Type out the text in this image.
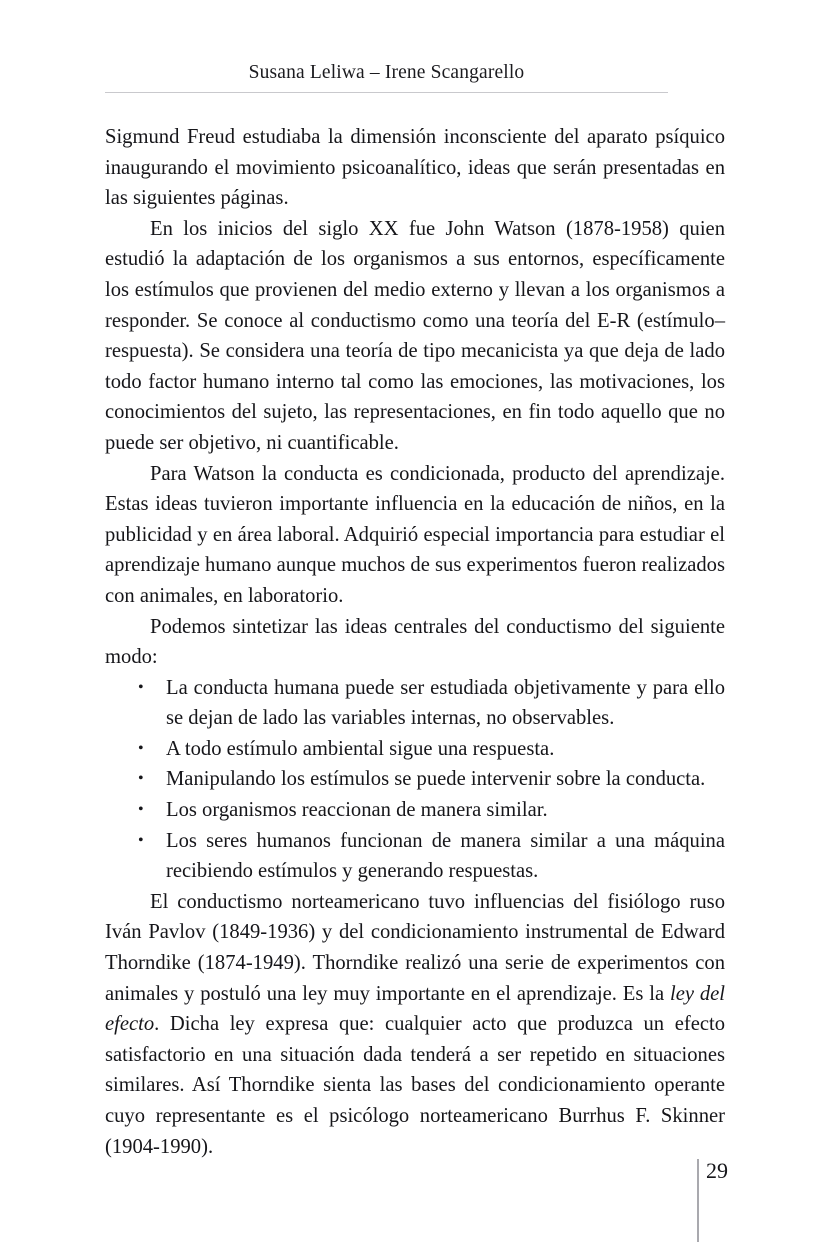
Susana Leliwa – Irene Scangarello

Sigmund Freud estudiaba la dimensión inconsciente del aparato psíquico inaugurando el movimiento psicoanalítico, ideas que serán presentadas en las siguientes páginas.

En los inicios del siglo XX fue John Watson (1878-1958) quien estudió la adaptación de los organismos a sus entornos, específicamente los estímulos que provienen del medio externo y llevan a los organismos a responder. Se conoce al conductismo como una teoría del E-R (estímulo–respuesta). Se considera una teoría de tipo mecanicista ya que deja de lado todo factor humano interno tal como las emociones, las motivaciones, los conocimientos del sujeto, las representaciones, en fin todo aquello que no puede ser objetivo, ni cuantificable.

Para Watson la conducta es condicionada, producto del aprendizaje. Estas ideas tuvieron importante influencia en la educación de niños, en la publicidad y en área laboral. Adquirió especial importancia para estudiar el aprendizaje humano aunque muchos de sus experimentos fueron realizados con animales, en laboratorio.

Podemos sintetizar las ideas centrales del conductismo del siguiente modo:

• La conducta humana puede ser estudiada objetivamente y para ello se dejan de lado las variables internas, no observables.
• A todo estímulo ambiental sigue una respuesta.
• Manipulando los estímulos se puede intervenir sobre la conducta.
• Los organismos reaccionan de manera similar.
• Los seres humanos funcionan de manera similar a una máquina recibiendo estímulos y generando respuestas.

El conductismo norteamericano tuvo influencias del fisiólogo ruso Iván Pavlov (1849-1936) y del condicionamiento instrumental de Edward Thorndike (1874-1949). Thorndike realizó una serie de experimentos con animales y postuló una ley muy importante en el aprendizaje. Es la ley del efecto. Dicha ley expresa que: cualquier acto que produzca un efecto satisfactorio en una situación dada tenderá a ser repetido en situaciones similares. Así Thorndike sienta las bases del condicionamiento operante cuyo representante es el psicólogo norteamericano Burrhus F. Skinner (1904-1990).

29
